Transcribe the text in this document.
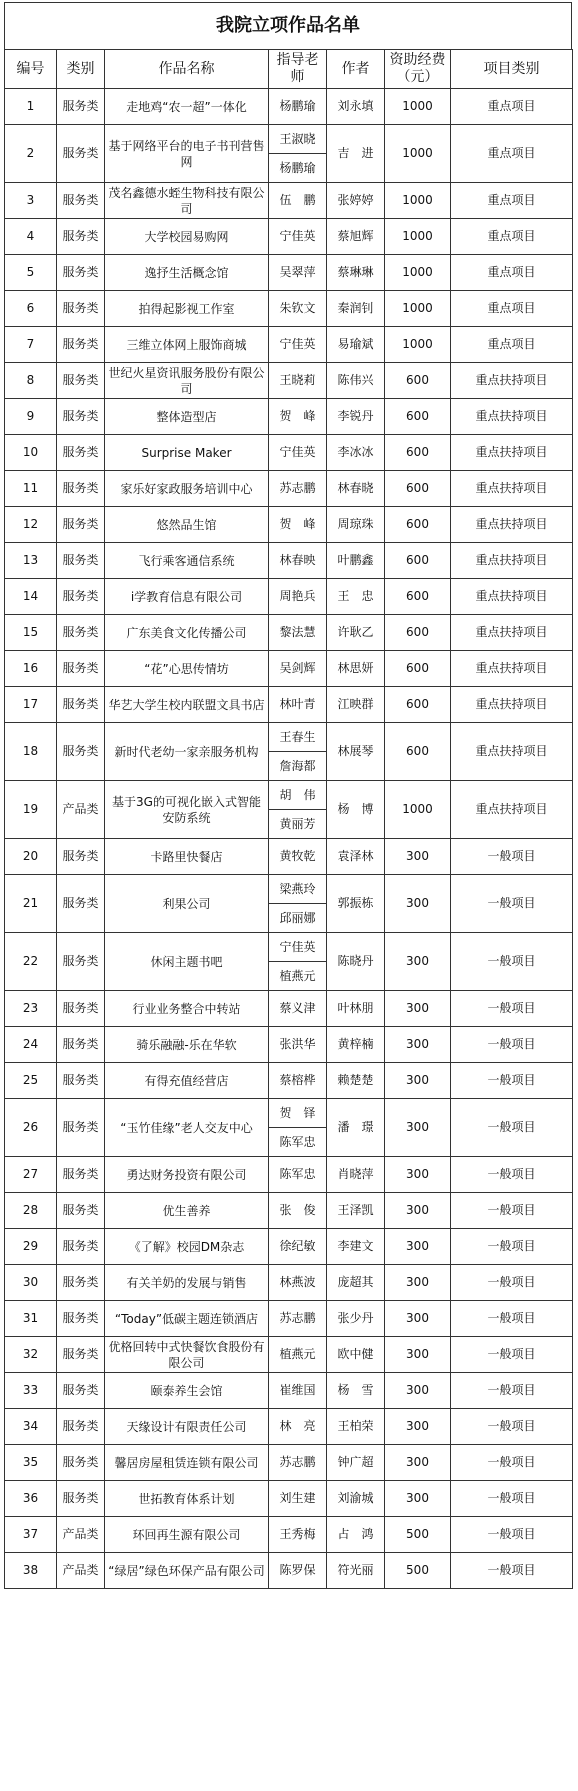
我院立项作品名单
编号	类别	作品名称	指导老师	作者	资助经费（元）	项目类别
1	服务类	走地鸡“农一超”一体化	杨鹏瑜	刘永填	1000	重点项目
2	服务类	基于网络平台的电子书刊营售网	王淑晓	吉　进	1000	重点项目
			杨鹏瑜			
3	服务类	茂名鑫德水蛭生物科技有限公司	伍　鹏	张婷婷	1000	重点项目
4	服务类	大学校园易购网	宁佳英	蔡旭辉	1000	重点项目
5	服务类	逸抒生活概念馆	吴翠萍	蔡琳琳	1000	重点项目
6	服务类	拍得起影视工作室	朱钦文	秦润钊	1000	重点项目
7	服务类	三维立体网上服饰商城	宁佳英	易瑜斌	1000	重点项目
8	服务类	世纪火星资讯服务股份有限公司	王晓莉	陈伟兴	600	重点扶持项目
9	服务类	整体造型店	贺　峰	李锐丹	600	重点扶持项目
10	服务类	Surprise Maker	宁佳英	李冰冰	600	重点扶持项目
11	服务类	家乐好家政服务培训中心	苏志鹏	林春晓	600	重点扶持项目
12	服务类	悠然品生馆	贺　峰	周琼珠	600	重点扶持项目
13	服务类	飞行乘客通信系统	林春映	叶鹏鑫	600	重点扶持项目
14	服务类	i学教育信息有限公司	周艳兵	王　忠	600	重点扶持项目
15	服务类	广东美食文化传播公司	黎法慧	许耿乙	600	重点扶持项目
16	服务类	“花”心思传情坊	吴剑辉	林思妍	600	重点扶持项目
17	服务类	华艺大学生校内联盟文具书店	林叶青	江映群	600	重点扶持项目
18	服务类	新时代老幼一家亲服务机构	王春生	林展琴	600	重点扶持项目
			詹海都			
19	产品类	基于3G的可视化嵌入式智能安防系统	胡　伟	杨　博	1000	重点扶持项目
			黄丽芳			
20	服务类	卡路里快餐店	黄牧乾	袁泽林	300	一般项目
21	服务类	利果公司	梁燕玲	郭振栋	300	一般项目
			邱丽娜			
22	服务类	休闲主题书吧	宁佳英	陈晓丹	300	一般项目
			植燕元			
23	服务类	行业业务整合中转站	蔡义津	叶林朋	300	一般项目
24	服务类	骑乐融融-乐在华软	张洪华	黄梓楠	300	一般项目
25	服务类	有得充值经营店	蔡榕桦	赖楚楚	300	一般项目
26	服务类	“玉竹佳缘”老人交友中心	贺　铎	潘　璟	300	一般项目
			陈军忠			
27	服务类	勇达财务投资有限公司	陈军忠	肖晓萍	300	一般项目
28	服务类	优生善养	张　俊	王泽凯	300	一般项目
29	服务类	《了解》校园DM杂志	徐纪敏	李建文	300	一般项目
30	服务类	有关羊奶的发展与销售	林燕波	庞超其	300	一般项目
31	服务类	“Today”低碳主题连锁酒店	苏志鹏	张少丹	300	一般项目
32	服务类	优格回转中式快餐饮食股份有限公司	植燕元	欧中健	300	一般项目
33	服务类	颐泰养生会馆	崔维国	杨　雪	300	一般项目
34	服务类	天缘设计有限责任公司	林　亮	王柏荣	300	一般项目
35	服务类	馨居房屋租赁连锁有限公司	苏志鹏	钟广超	300	一般项目
36	服务类	世拓教育体系计划	刘生建	刘渝城	300	一般项目
37	产品类	环回再生源有限公司	王秀梅	占　鸿	500	一般项目
38	产品类	“绿居”绿色环保产品有限公司	陈罗保	符光丽	500	一般项目
